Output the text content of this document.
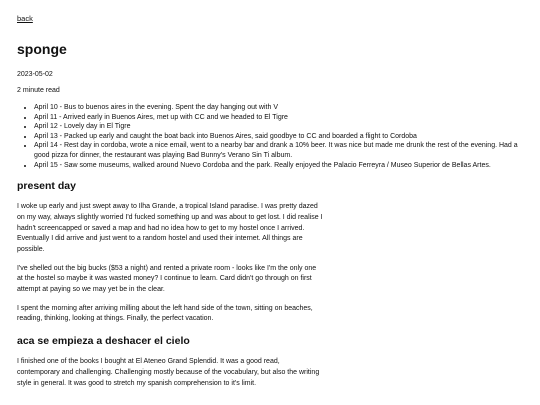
back
sponge
2023-05-02
2 minute read
• April 10 - Bus to buenos aires in the evening. Spent the day hanging out with V
• April 11 - Arrived early in Buenos Aires, met up with CC and we headed to El Tigre
• April 12 - Lovely day in El Tigre
• April 13 - Packed up early and caught the boat back into Buenos Aires, said goodbye to CC and boarded a flight to Cordoba
• April 14 - Rest day in cordoba, wrote a nice email, went to a nearby bar and drank a 10% beer. It was nice but made me drunk the rest of the evening. Had a good pizza for dinner, the restaurant was playing Bad Bunny's Verano Sin Ti album.
• April 15 - Saw some museums, walked around Nuevo Cordoba and the park. Really enjoyed the Palacio Ferreyra / Museo Superior de Bellas Artes.
present day

I woke up early and just swept away to Ilha Grande, a tropical Island paradise. I was pretty dazed on my way, always slightly worried I'd fucked something up and was about to get lost. I did realise I hadn't screencapped or saved a map and had no idea how to get to my hostel once I arrived. Eventually I did arrive and just went to a random hostel and used their internet. All things are possible.

I've shelled out the big bucks ($53 a night) and rented a private room - looks like I'm the only one at the hostel so maybe it was wasted money? I continue to learn. Card didn't go through on first attempt at paying so we may yet be in the clear.

I spent the morning after arriving milling about the left hand side of the town, sitting on beaches, reading, thinking, looking at things. Finally, the perfect vacation.

aca se empieza a deshacer el cielo

I finished one of the books I bought at El Ateneo Grand Splendid. It was a good read, contemporary and challenging. Challenging mostly because of the vocabulary, but also the writing style in general. It was good to stretch my spanish comprehension to it's limit.
